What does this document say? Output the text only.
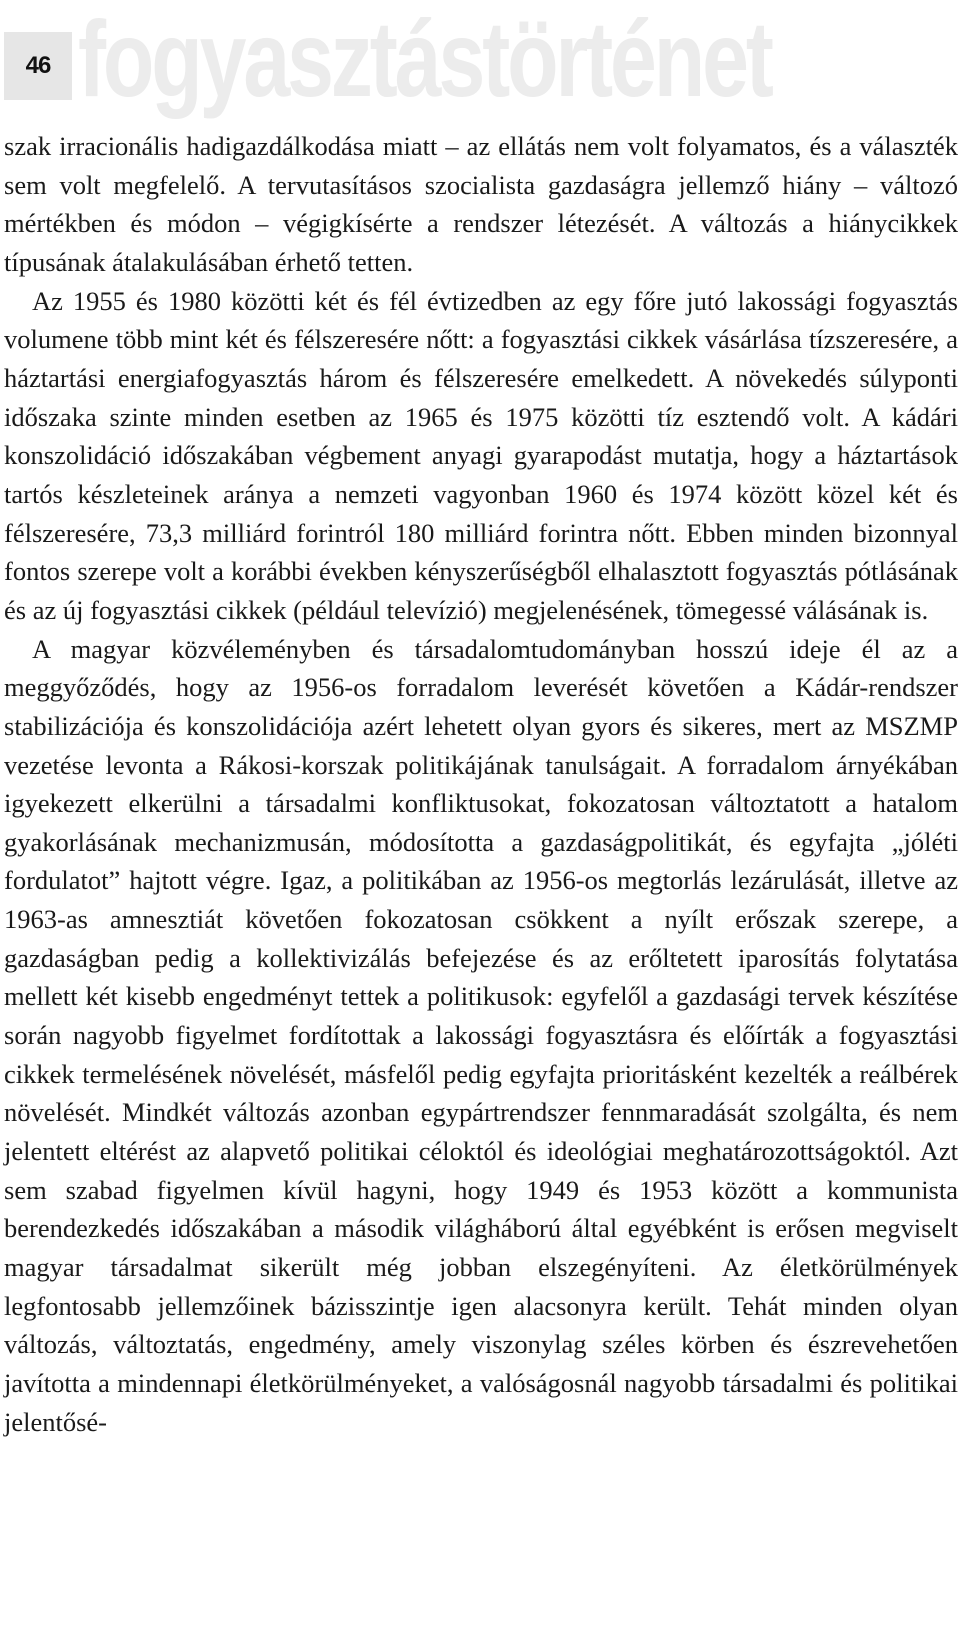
46 fogyasztástörténet

szak irracionális hadigazdálkodása miatt – az ellátás nem volt folyamatos, és a választék sem volt megfelelő. A tervutasításos szocialista gazdaságra jellemző hiány – változó mértékben és módon – végigkísérte a rendszer létezését. A változás a hiánycikkek típusának átalakulásában érhető tetten.

Az 1955 és 1980 közötti két és fél évtizedben az egy főre jutó lakossági fogyasztás volumene több mint két és félszeresére nőtt: a fogyasztási cikkek vásárlása tízszeresére, a háztartási energiafogyasztás három és félszeresére emelkedett. A növekedés súlyponti időszaka szinte minden esetben az 1965 és 1975 közötti tíz esztendő volt. A kádári konszolidáció időszakában végbement anyagi gyarapodást mutatja, hogy a háztartások tartós készleteinek aránya a nemzeti vagyonban 1960 és 1974 között közel két és félszeresére, 73,3 milliárd forintról 180 milliárd forintra nőtt. Ebben minden bizonnyal fontos szerepe volt a korábbi években kényszerűségből elhalasztott fogyasztás pótlásának és az új fogyasztási cikkek (például televízió) megjelenésének, tömegessé válásának is.

A magyar közvéleményben és társadalomtudományban hosszú ideje él az a meggyőződés, hogy az 1956-os forradalom leverését követően a Kádár-rendszer stabilizációja és konszolidációja azért lehetett olyan gyors és sikeres, mert az MSZMP vezetése levonta a Rákosi-korszak politikájának tanulságait. A forradalom árnyékában igyekezett elkerülni a társadalmi konfliktusokat, fokozatosan változtatott a hatalom gyakorlásának mechanizmusán, módosította a gazdaságpolitikát, és egyfajta „jóléti fordulatot” hajtott végre. Igaz, a politikában az 1956-os megtorlás lezárulását, illetve az 1963-as amnesztiát követően fokozatosan csökkent a nyílt erőszak szerepe, a gazdaságban pedig a kollektivizálás befejezése és az erőltetett iparosítás folytatása mellett két kisebb engedményt tettek a politikusok: egyfelől a gazdasági tervek készítése során nagyobb figyelmet fordítottak a lakossági fogyasztásra és előírták a fogyasztási cikkek termelésének növelését, másfelől pedig egyfajta prioritásként kezelték a reálbérek növelését. Mindkét változás azonban egypártrendszer fennmaradását szolgálta, és nem jelentett eltérést az alapvető politikai céloktól és ideológiai meghatározottságoktól. Azt sem szabad figyelmen kívül hagyni, hogy 1949 és 1953 között a kommunista berendezkedés időszakában a második világháború által egyébként is erősen megviselt magyar társadalmat sikerült még jobban elszegényíteni. Az életkörülmények legfontosabb jellemzőinek bázisszintje igen alacsonyra került. Tehát minden olyan változás, változtatás, engedmény, amely viszonylag széles körben és észrevehetően javította a mindennapi életkörülményeket, a valóságosnál nagyobb társadalmi és politikai jelentősé-
